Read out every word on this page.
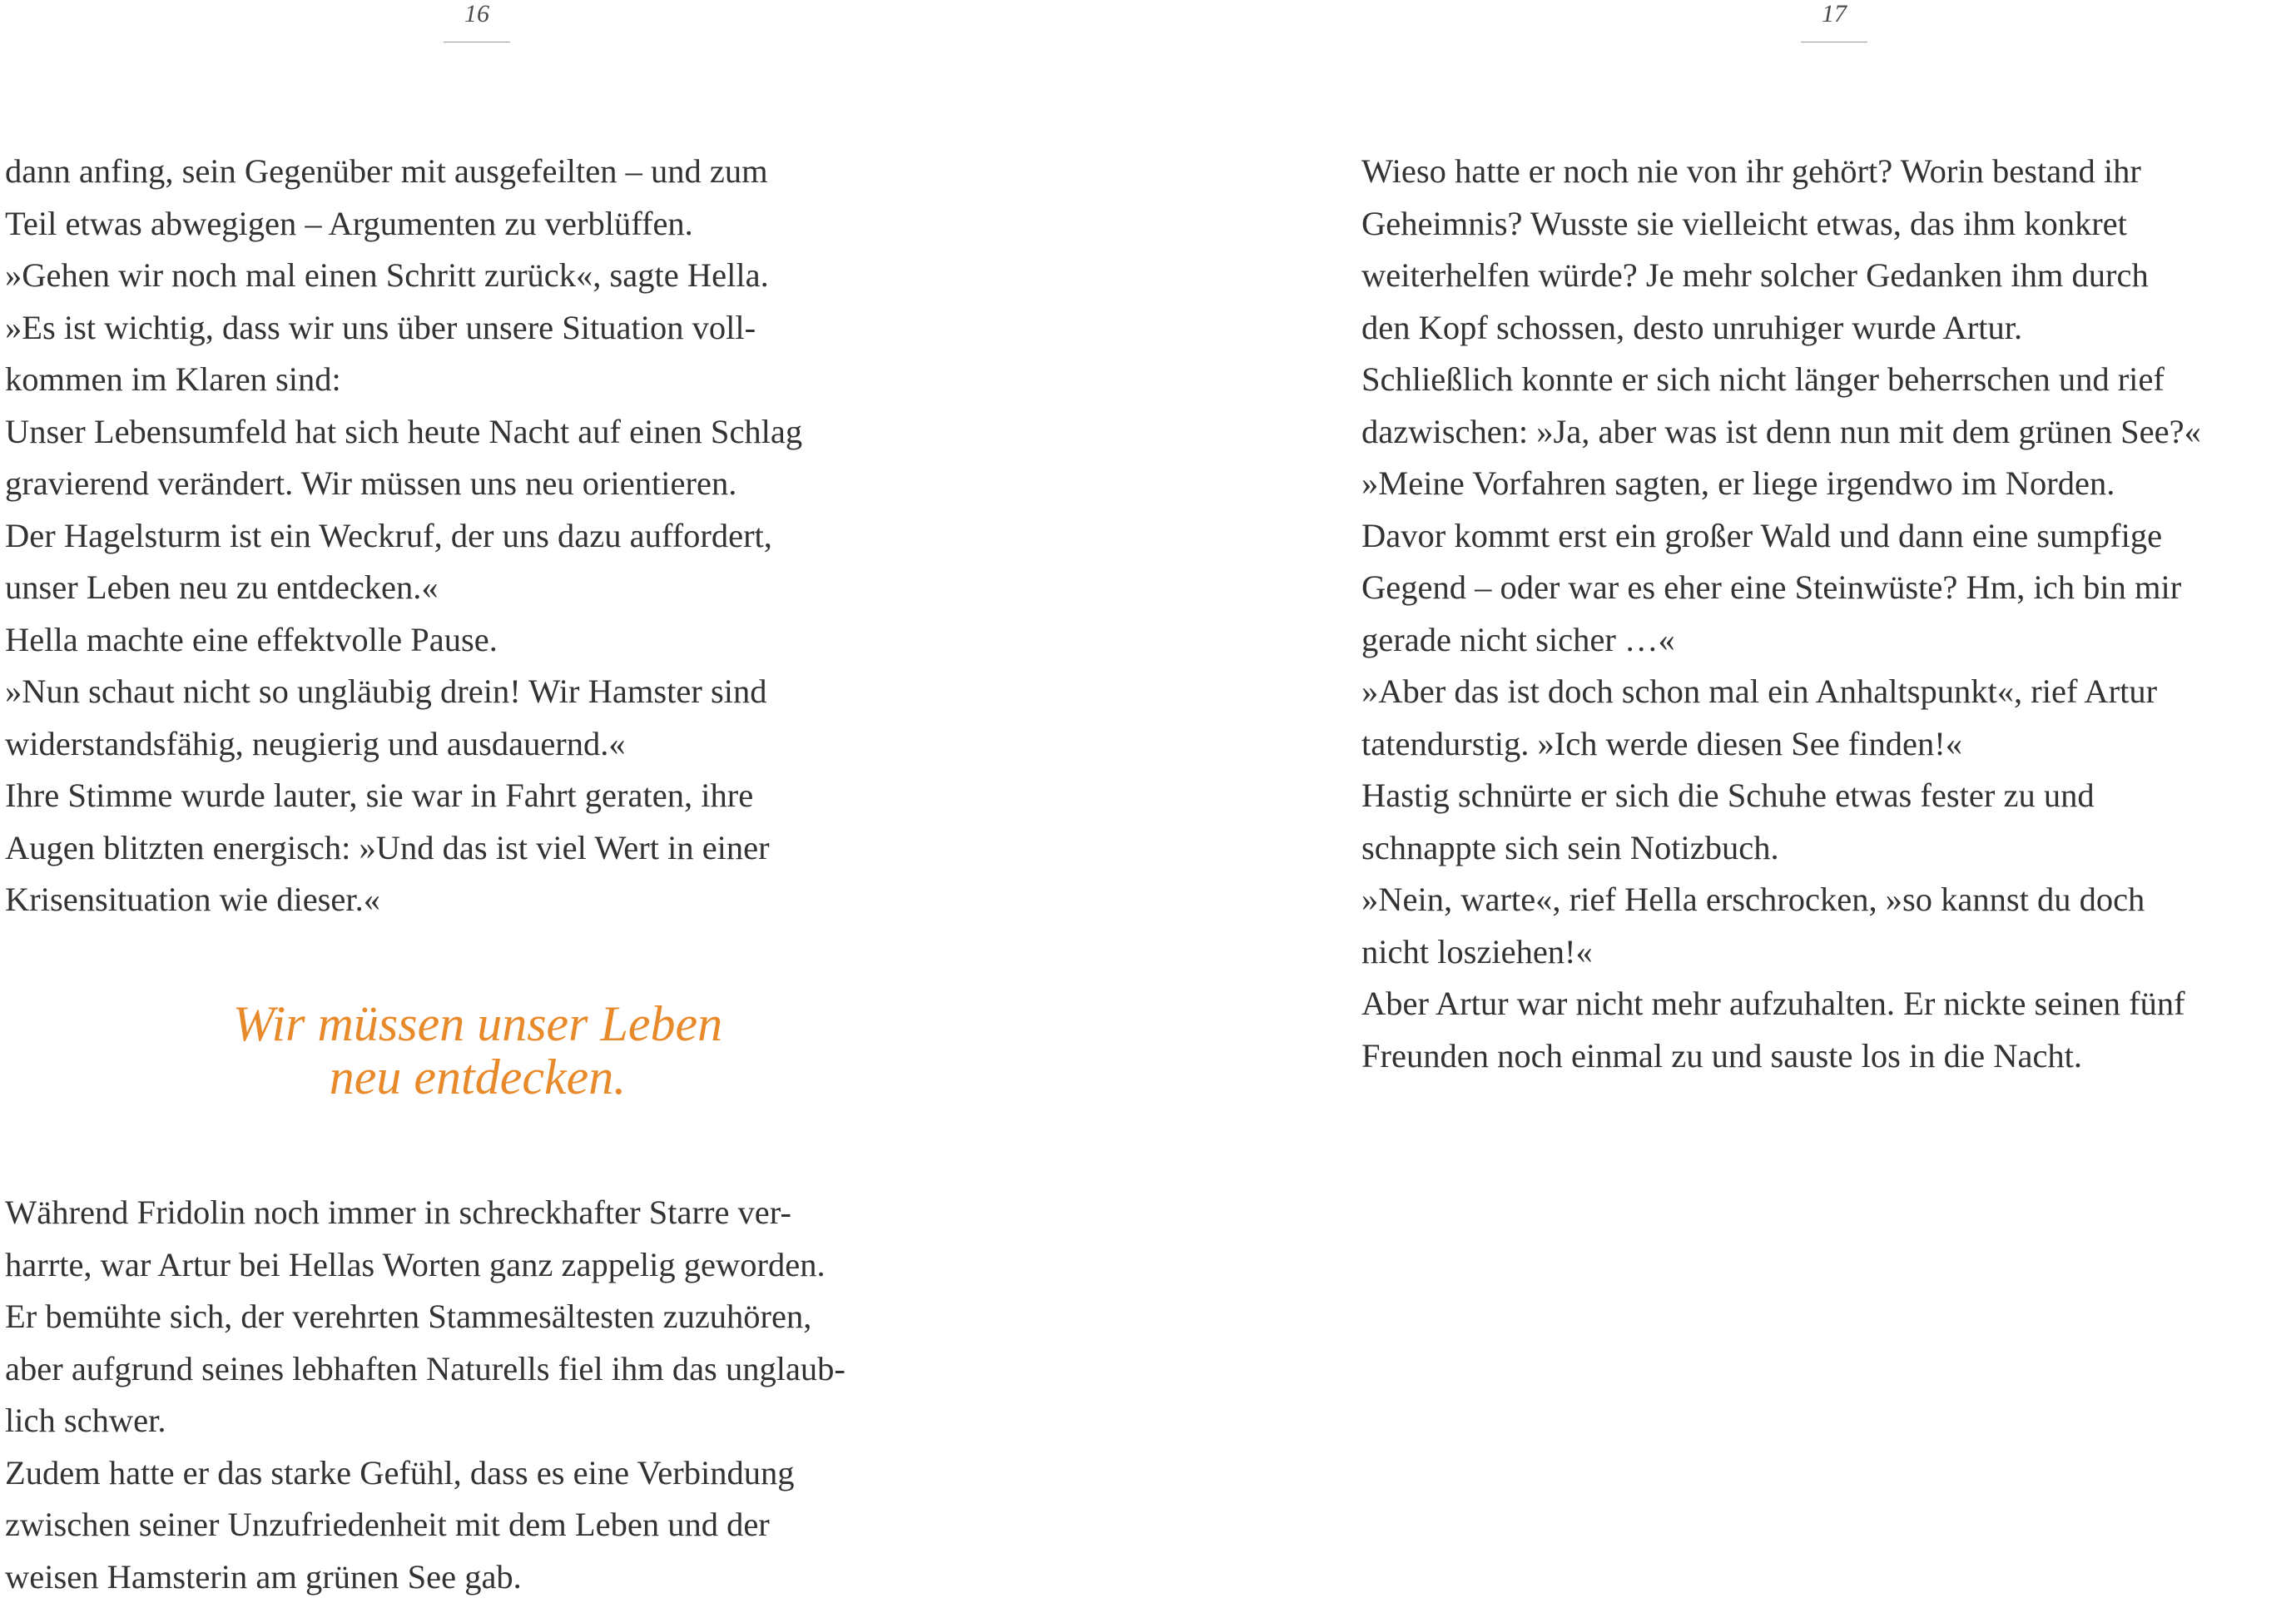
16	17
dann anfing, sein Gegenüber mit ausgefeilten – und zum
Teil etwas abwegigen – Argumenten zu verblüffen.
»Gehen wir noch mal einen Schritt zurück«, sagte Hella.
»Es ist wichtig, dass wir uns über unsere Situation voll-
kommen im Klaren sind:
Unser Lebensumfeld hat sich heute Nacht auf einen Schlag
gravierend verändert. Wir müssen uns neu orientieren.
Der Hagelsturm ist ein Weckruf, der uns dazu auffordert,
unser Leben neu zu entdecken.«
Hella machte eine effektvolle Pause.
»Nun schaut nicht so ungläubig drein! Wir Hamster sind
widerstandsfähig, neugierig und ausdauernd.«
Ihre Stimme wurde lauter, sie war in Fahrt geraten, ihre
Augen blitzten energisch: »Und das ist viel Wert in einer
Krisensituation wie dieser.«
Wir müssen unser Leben
neu entdecken.
Während Fridolin noch immer in schreckhafter Starre ver-
harrte, war Artur bei Hellas Worten ganz zappelig geworden.
Er bemühte sich, der verehrten Stammesältesten zuzuhören,
aber aufgrund seines lebhaften Naturells fiel ihm das unglaub-
lich schwer.
Zudem hatte er das starke Gefühl, dass es eine Verbindung
zwischen seiner Unzufriedenheit mit dem Leben und der
weisen Hamsterin am grünen See gab.
Wieso hatte er noch nie von ihr gehört? Worin bestand ihr
Geheimnis? Wusste sie vielleicht etwas, das ihm konkret
weiterhelfen würde? Je mehr solcher Gedanken ihm durch
den Kopf schossen, desto unruhiger wurde Artur.
Schließlich konnte er sich nicht länger beherrschen und rief
dazwischen: »Ja, aber was ist denn nun mit dem grünen See?«
»Meine Vorfahren sagten, er liege irgendwo im Norden.
Davor kommt erst ein großer Wald und dann eine sumpfige
Gegend – oder war es eher eine Steinwüste? Hm, ich bin mir
gerade nicht sicher …«
»Aber das ist doch schon mal ein Anhaltspunkt«, rief Artur
tatendurstig. »Ich werde diesen See finden!«
Hastig schnürte er sich die Schuhe etwas fester zu und
schnappte sich sein Notizbuch.
»Nein, warte«, rief Hella erschrocken, »so kannst du doch
nicht losziehen!«
Aber Artur war nicht mehr aufzuhalten. Er nickte seinen fünf
Freunden noch einmal zu und sauste los in die Nacht.
